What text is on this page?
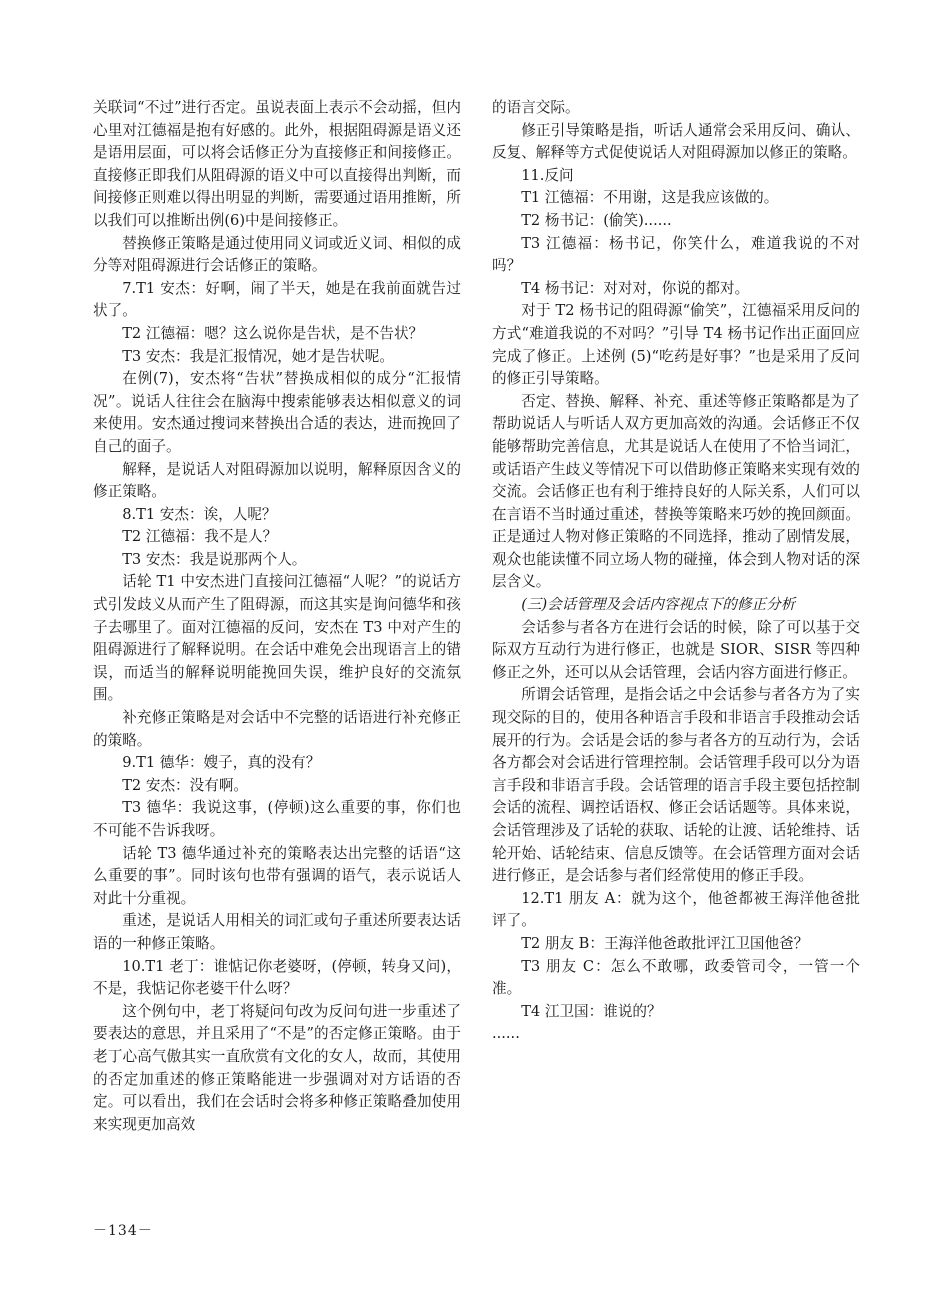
关联词“不过”进行否定。虽说表面上表示不会动摇，但内心里对江德福是抱有好感的。此外，根据阻碍源是语义还是语用层面，可以将会话修正分为直接修正和间接修正。直接修正即我们从阻碍源的语义中可以直接得出判断，而间接修正则难以得出明显的判断，需要通过语用推断，所以我们可以推断出例(6)中是间接修正。

替换修正策略是通过使用同义词或近义词、相似的成分等对阻碍源进行会话修正的策略。

7.T1 安杰：好啊，闹了半天，她是在我前面就告过状了。

T2 江德福：嗯？这么说你是告状，是不告状？

T3 安杰：我是汇报情况，她才是告状呢。

在例(7)，安杰将“告状”替换成相似的成分“汇报情况”。说话人往往会在脑海中搜索能够表达相似意义的词来使用。安杰通过搜词来替换出合适的表达，进而挽回了自己的面子。

解释，是说话人对阻碍源加以说明，解释原因含义的修正策略。

8.T1 安杰：诶，人呢？

T2 江德福：我不是人？

T3 安杰：我是说那两个人。

话轮 T1 中安杰进门直接问江德福“人呢？”的说话方式引发歧义从而产生了阻碍源，而这其实是询问德华和孩子去哪里了。面对江德福的反问，安杰在 T3 中对产生的阻碍源进行了解释说明。在会话中难免会出现语言上的错误，而适当的解释说明能挽回失误，维护良好的交流氛围。

补充修正策略是对会话中不完整的话语进行补充修正的策略。

9.T1 德华：嫂子，真的没有？

T2 安杰：没有啊。

T3 德华：我说这事，(停顿)这么重要的事，你们也不可能不告诉我呀。

话轮 T3 德华通过补充的策略表达出完整的话语“这么重要的事”。同时该句也带有强调的语气，表示说话人对此十分重视。

重述，是说话人用相关的词汇或句子重述所要表达话语的一种修正策略。

10.T1 老丁：谁惦记你老婆呀，(停顿，转身又问)，不是，我惦记你老婆干什么呀？

这个例句中，老丁将疑问句改为反问句进一步重述了要表达的意思，并且采用了“不是”的否定修正策略。由于老丁心高气傲其实一直欣赏有文化的女人，故而，其使用的否定加重述的修正策略能进一步强调对对方话语的否定。可以看出，我们在会话时会将多种修正策略叠加使用来实现更加高效

的语言交际。

修正引导策略是指，听话人通常会采用反问、确认、反复、解释等方式促使说话人对阻碍源加以修正的策略。

11.反问

T1 江德福：不用谢，这是我应该做的。

T2 杨书记：(偷笑)......

T3 江德福：杨书记，你笑什么，难道我说的不对吗？

T4 杨书记：对对对，你说的都对。

对于 T2 杨书记的阻碍源“偷笑”，江德福采用反问的方式“难道我说的不对吗？”引导 T4 杨书记作出正面回应完成了修正。上述例 (5)“吃药是好事？”也是采用了反问的修正引导策略。

否定、替换、解释、补充、重述等修正策略都是为了帮助说话人与听话人双方更加高效的沟通。会话修正不仅能够帮助完善信息，尤其是说话人在使用了不恰当词汇，或话语产生歧义等情况下可以借助修正策略来实现有效的交流。会话修正也有利于维持良好的人际关系，人们可以在言语不当时通过重述，替换等策略来巧妙的挽回颜面。正是通过人物对修正策略的不同选择，推动了剧情发展，观众也能读懂不同立场人物的碰撞，体会到人物对话的深层含义。

(三)会话管理及会话内容视点下的修正分析

会话参与者各方在进行会话的时候，除了可以基于交际双方互动行为进行修正，也就是 SIOR、SISR 等四种修正之外，还可以从会话管理，会话内容方面进行修正。

所谓会话管理，是指会话之中会话参与者各方为了实现交际的目的，使用各种语言手段和非语言手段推动会话展开的行为。会话是会话的参与者各方的互动行为，会话各方都会对会话进行管理控制。会话管理手段可以分为语言手段和非语言手段。会话管理的语言手段主要包括控制会话的流程、调控话语权、修正会话话题等。具体来说，会话管理涉及了话轮的获取、话轮的让渡、话轮维持、话轮开始、话轮结束、信息反馈等。在会话管理方面对会话进行修正，是会话参与者们经常使用的修正手段。

12.T1 朋友 A：就为这个，他爸都被王海洋他爸批评了。

T2 朋友 B：王海洋他爸敢批评江卫国他爸？

T3 朋友 C：怎么不敢哪，政委管司令，一管一个准。

T4 江卫国：谁说的？

......

－134－
